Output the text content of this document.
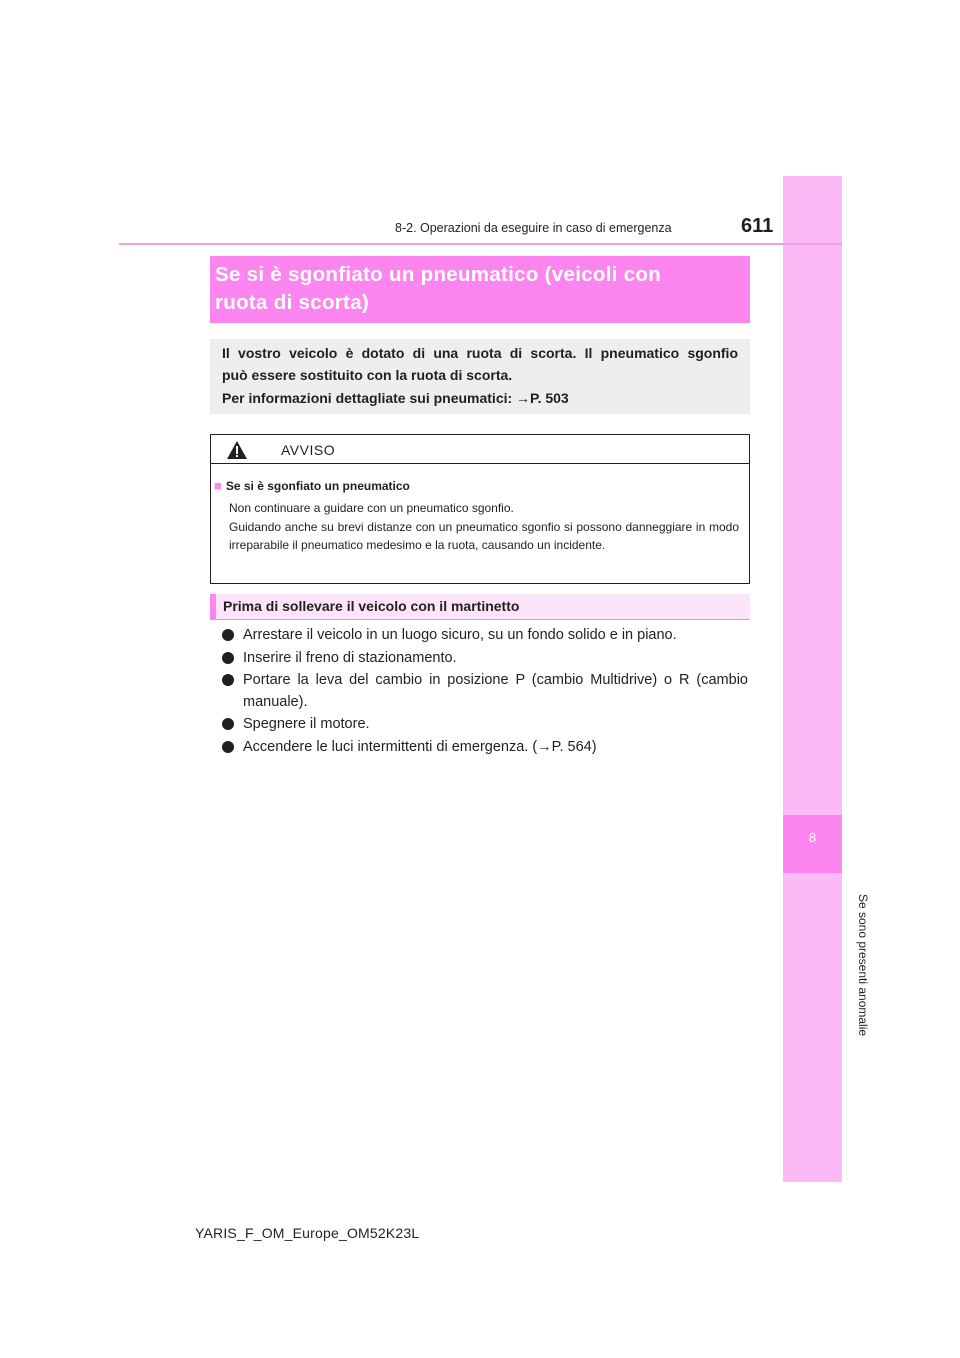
8
Se sono presenti anomalie
8-2. Operazioni da eseguire in caso di emergenza	611
Se si è sgonfiato un pneumatico (veicoli con
ruota di scorta)
Il vostro veicolo è dotato di una ruota di scorta. Il pneumatico sgonfio
può essere sostituito con la ruota di scorta.
Per informazioni dettagliate sui pneumatici: →P. 503
AVVISO
■ Se si è sgonfiato un pneumatico

Non continuare a guidare con un pneumatico sgonfio.

Guidando anche su brevi distanze con un pneumatico sgonfio si possono danneggiare in modo irreparabile il pneumatico medesimo e la ruota, causando un incidente.

Prima di sollevare il veicolo con il martinetto
Arrestare il veicolo in un luogo sicuro, su un fondo solido e in piano.
Inserire il freno di stazionamento.
Portare la leva del cambio in posizione P (cambio Multidrive) o R (cambio manuale).
Spegnere il motore.
Accendere le luci intermittenti di emergenza. (→P. 564)
YARIS_F_OM_Europe_OM52K23L
